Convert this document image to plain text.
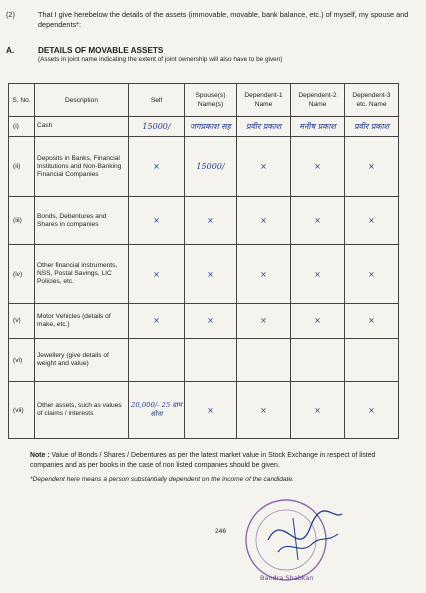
(2)	That I give herebelow the details of the assets (immovable, movable, bank balance, etc.) of myself, my spouse and dependents*:
A.	DETAILS OF MOVABLE ASSETS
(Assets in joint name indicating the extent of joint ownership will also have to be given)
S. No.	Description	Self	Spouse(s) Name(s)	Dependent-1 Name	Dependent-2 Name	Dependent-3 etc. Name
(i)	Cash	15000/	जगप्रकाश सह	प्रवीर प्रकाश	मनीष प्रकाश	प्रवीर प्रकाश
(ii)	Deposits in Banks, Financial Institutions and Non-Banking Financial Companies	×	15000/	×	×	×
(iii)	Bonds, Debentures and Shares in companies	×	×	×	×	×
(iv)	Other financial instruments, NSS, Postal Savings, LIC Policies, etc.	×	×	×	×	×
(v)	Motor Vehicles (details of make, etc.)	×	×	×	×	×
(vi)	Jewellery (give details of weight and value)					
(vii)	Other assets, such as values of claims / interests	20,000/- 25 ग्राम सोना	×	×	×	×
Note : Value of Bonds / Shares / Debentures as per the latest market value in Stock Exchange in respect of listed companies and as per books in the case of non listed companies should be given.
*Dependent here means a person substantially dependent on the income of the candidate.
246
Bandra Shabkan
